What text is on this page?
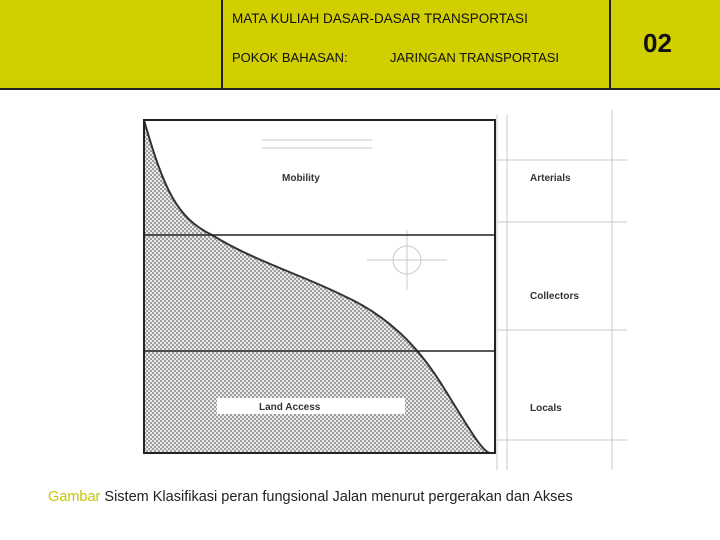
MATA KULIAH DASAR-DASAR TRANSPORTASI
POKOK BAHASAN:	JARINGAN TRANSPORTASI	02
Mobility
Land Access
Arterials
Collectors
Locals
Gambar Sistem Klasifikasi peran fungsional Jalan menurut pergerakan dan Akses
